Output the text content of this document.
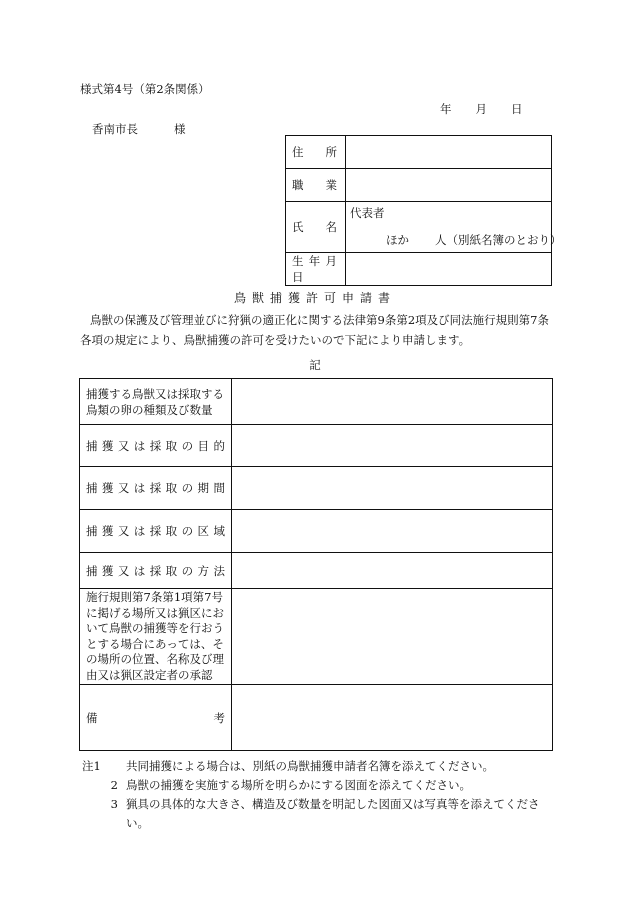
様式第4号（第2条関係）
年 月 日
香南市長	様
住　所	
職　業	
氏　名	代表者
ほか 人（別紙名簿のとおり）

生年月日	
鳥獣捕獲許可申請書
鳥獣の保護及び管理並びに狩猟の適正化に関する法律第9条第2項及び同法施行規則第7条各項の規定により、鳥獣捕獲の許可を受けたいので下記により申請します。
記
捕獲する鳥獣又は採取する鳥類の卵の種類及び数量	
捕獲又は採取の目的	
捕獲又は採取の期間	
捕獲又は採取の区域	
捕獲又は採取の方法	
施行規則第7条第1項第7号に掲げる場所又は猟区において鳥獣の捕獲等を行おうとする場合にあっては、その場所の位置、名称及び理由又は猟区設定者の承認	
備考	
注1	共同捕獲による場合は、別紙の鳥獣捕獲申請者名簿を添えてください。
2 鳥獣の捕獲を実施する場所を明らかにする図面を添えてください。
3 猟具の具体的な大きさ、構造及び数量を明記した図面又は写真等を添えてください。
